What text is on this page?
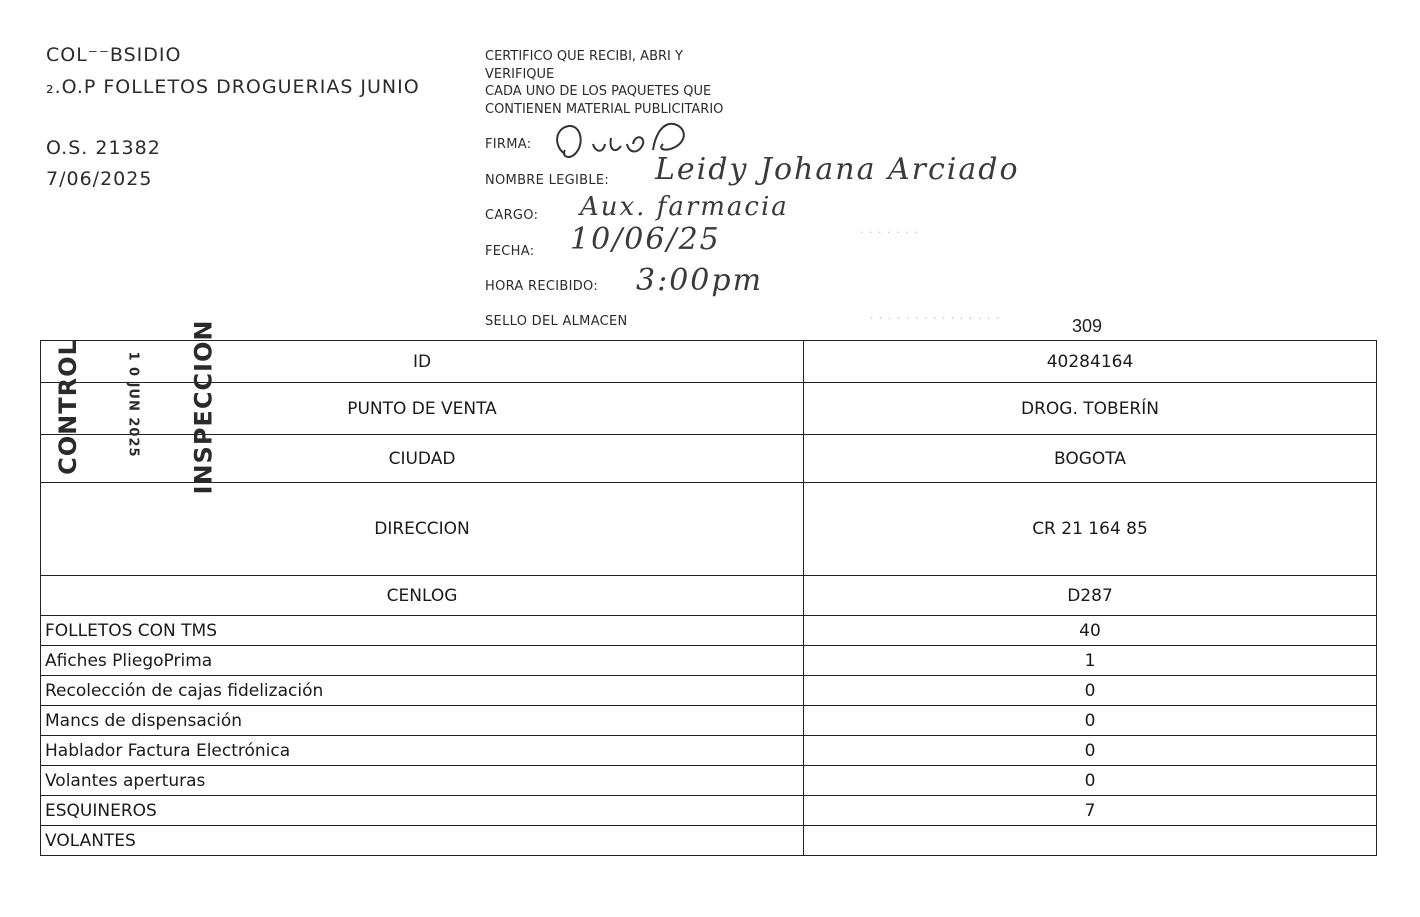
COL⁻⁻BSIDIO
₂.O.P FOLLETOS DROGUERIAS JUNIO
O.S. 21382
7/06/2025
CERTIFICO QUE RECIBI, ABRI Y
VERIFIQUE
CADA UNO DE LOS PAQUETES QUE
CONTIENEN MATERIAL PUBLICITARIO
FIRMA:
NOMBRE LEGIBLE: Leidy Johana Arciado
CARGO: Aux. farmacia
FECHA: 10/06/25
HORA RECIBIDO: 3:00pm
SELLO DEL ALMACEN	· · · · · · · · · · · · · · ·
· · · · · · ·
309
ID	40284164
PUNTO DE VENTA	DROG. TOBERÍN
CIUDAD	BOGOTA
DIRECCION	CR 21 164 85
CENLOG	D287
FOLLETOS CON TMS	40
Afiches PliegoPrima	1
Recolección de cajas fidelización	0
Mancs de dispensación	0
Hablador Factura Electrónica	0
Volantes aperturas	0
ESQUINEROS	7
VOLANTES	
CONTROL	1 0 JUN 2025 INSPECCION
